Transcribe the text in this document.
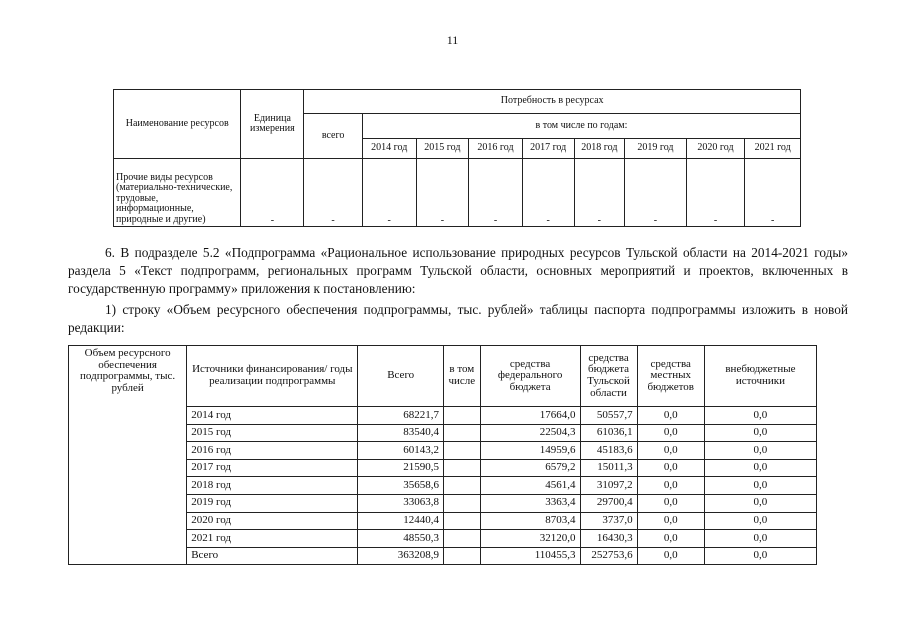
11
Наименование ресурсов	Единица измерения	Потребность в ресурсах								
		всего	в том числе по годам:							
			2014 год	2015 год	2016 год	2017 год	2018 год	2019 год	2020 год	2021 год
Прочие виды ресурсов (материально-технические, трудовые, информационные, природные и другие)	-	-	-	-	-	-	-	-	-	-

6. В подразделе 5.2 «Подпрограмма «Рациональное использование природных ресурсов Тульской области на 2014-2021 годы» раздела 5 «Текст подпрограмм, региональных программ Тульской области, основных мероприятий и проектов, включенных в государственную программу» приложения к постановлению:

1) строку «Объем ресурсного обеспечения подпрограммы, тыс. рублей» таблицы паспорта подпрограммы изложить в новой редакции:

Объем ресурсного обеспечения подпрограммы, тыс. рублей	Источники финансирования/ годы реализации подпрограммы	Всего	в том числе	средства федерального бюджета	средства бюджета Тульской области	средства местных бюджетов	внебюджетные источники
	2014 год	68221,7		17664,0	50557,7	0,0	0,0
	2015 год	83540,4		22504,3	61036,1	0,0	0,0
	2016 год	60143,2		14959,6	45183,6	0,0	0,0
	2017 год	21590,5		6579,2	15011,3	0,0	0,0
	2018 год	35658,6		4561,4	31097,2	0,0	0,0
	2019 год	33063,8		3363,4	29700,4	0,0	0,0
	2020 год	12440,4		8703,4	3737,0	0,0	0,0
	2021 год	48550,3		32120,0	16430,3	0,0	0,0
	Всего	363208,9		110455,3	252753,6	0,0	0,0
